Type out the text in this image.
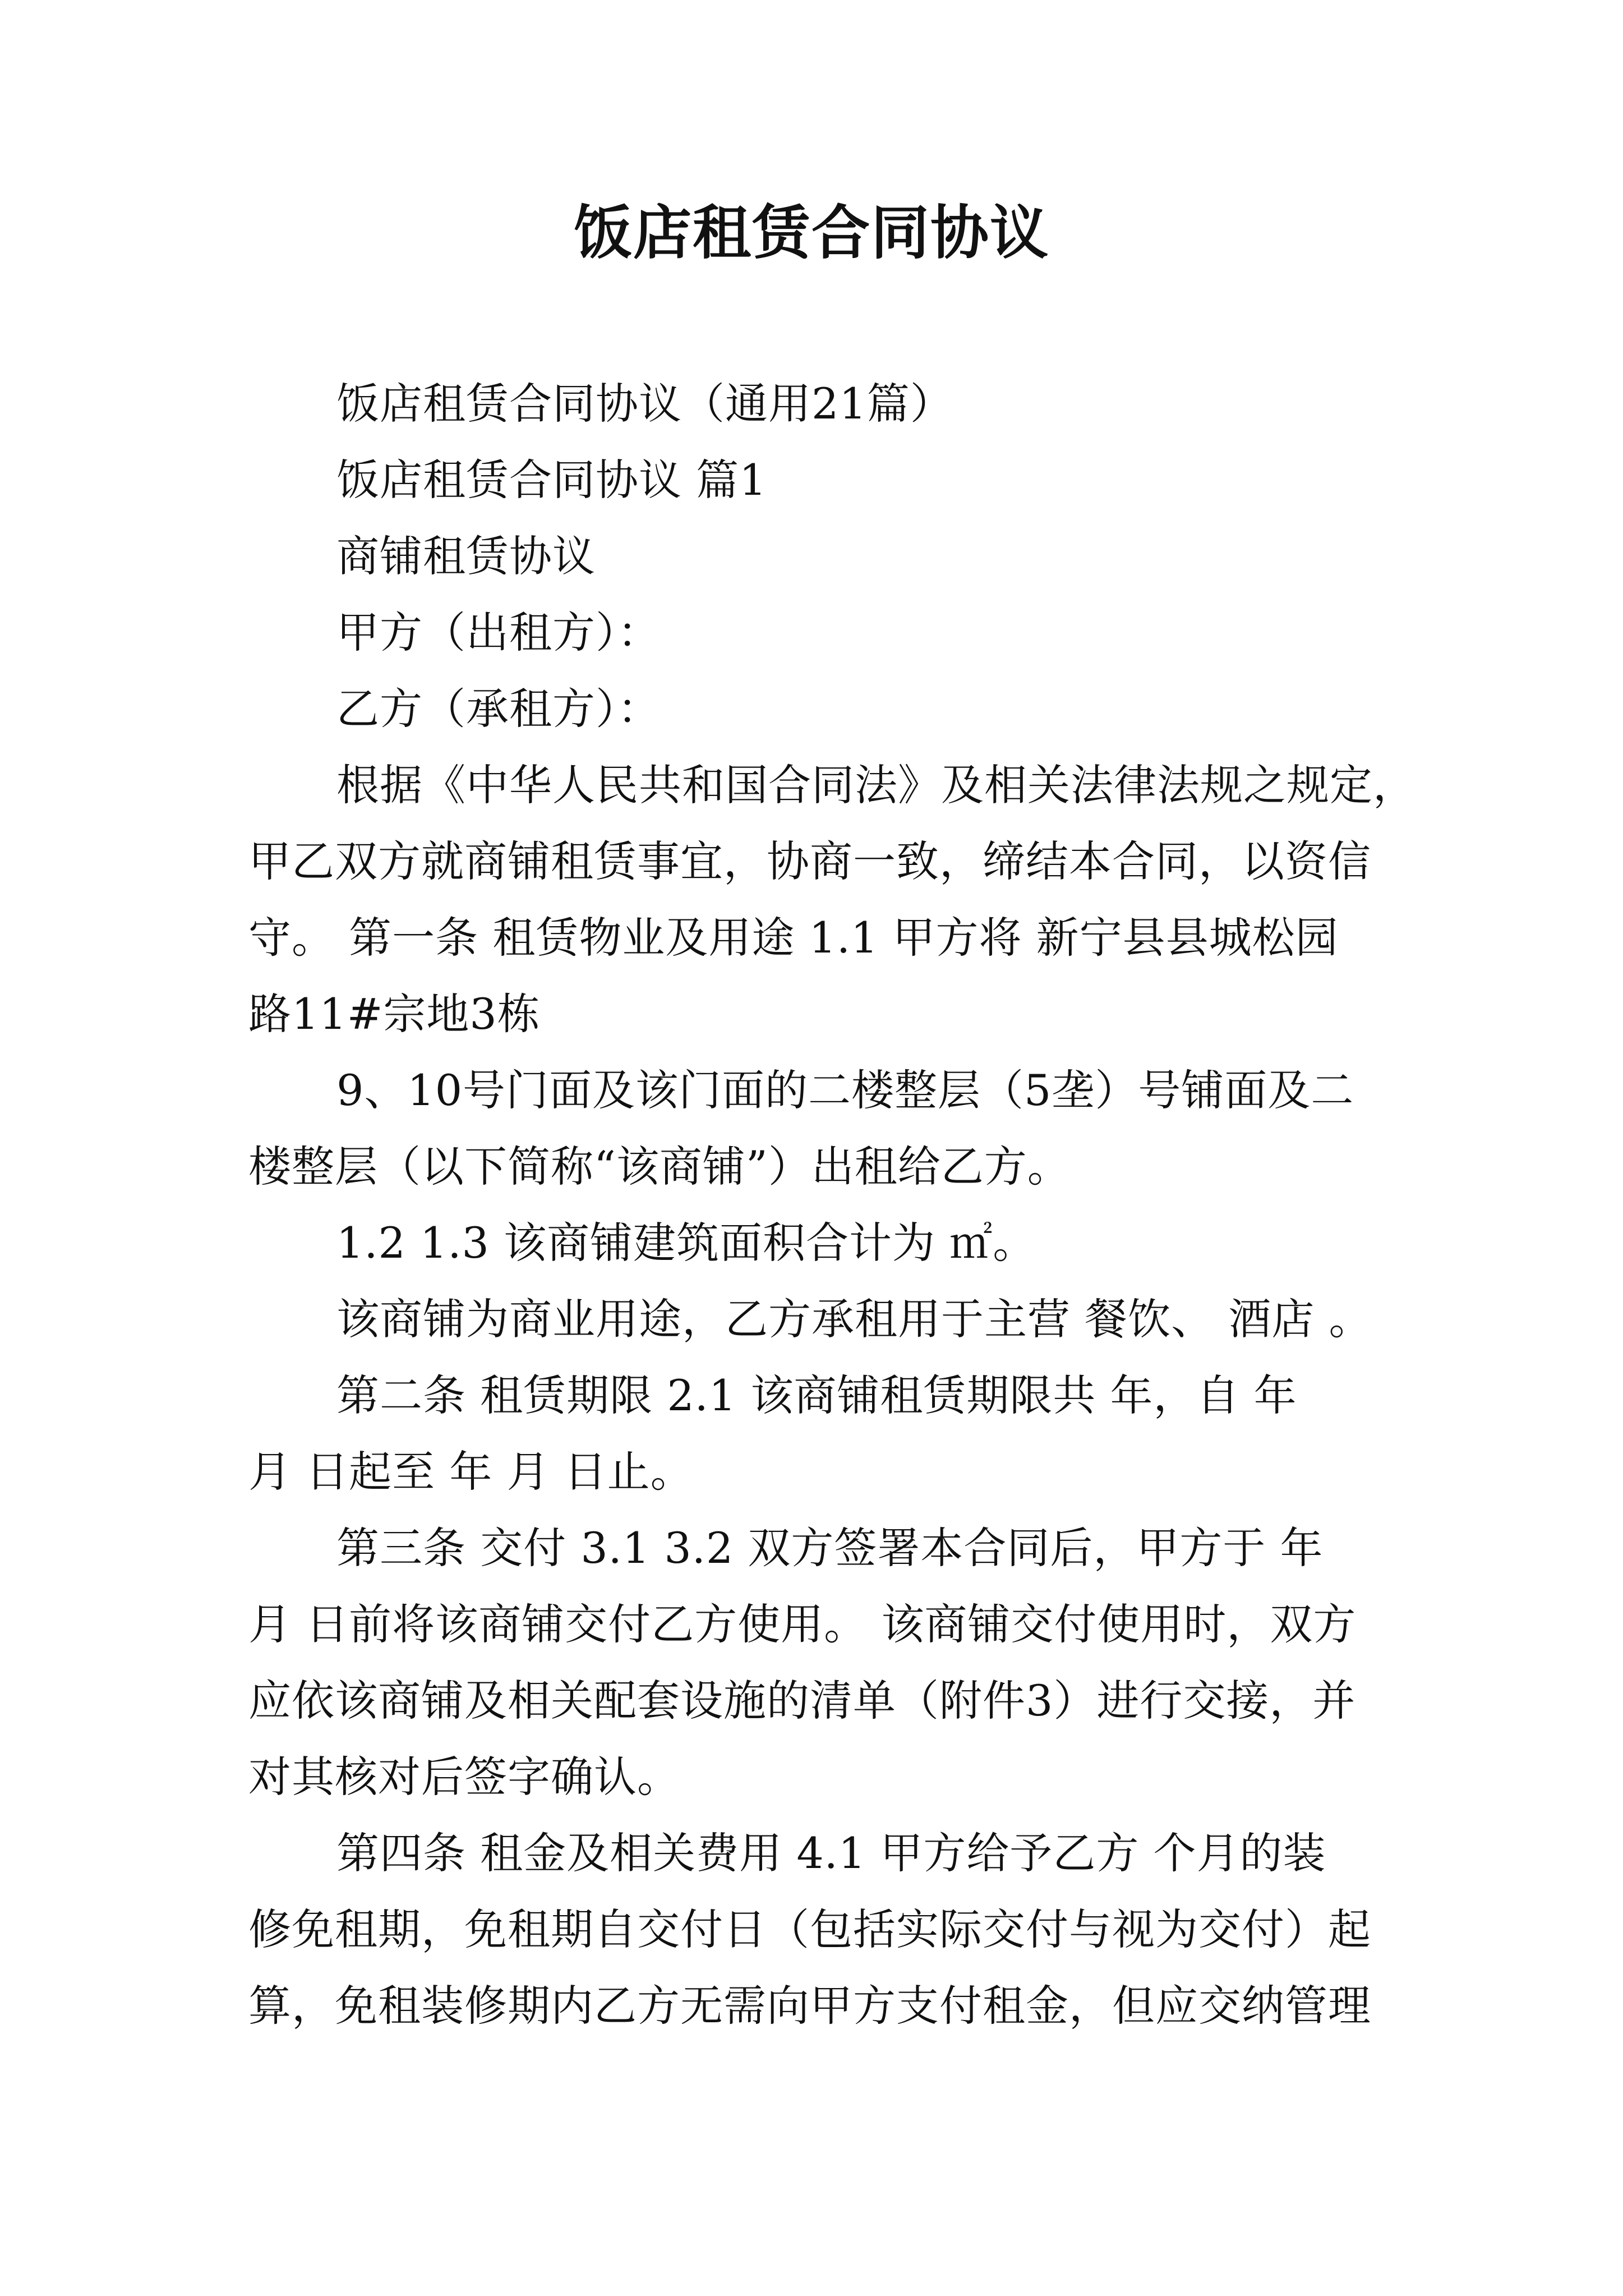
饭店租赁合同协议
饭店租赁合同协议（通用21篇）
饭店租赁合同协议 篇1
商铺租赁协议
甲方（出租方）：
乙方（承租方）：
根据《中华人民共和国合同法》及相关法律法规之规定，
甲乙双方就商铺租赁事宜，协商一致，缔结本合同，以资信
守。 第一条 租赁物业及用途 1.1 甲方将 新宁县县城松园
路11#宗地3栋
9、10号门面及该门面的二楼整层（5垄）号铺面及二
楼整层（以下简称“该商铺”）出租给乙方。
1.2 1.3 该商铺建筑面积合计为 ㎡。
该商铺为商业用途，乙方承租用于主营 餐饮、 酒店 。
第二条 租赁期限 2.1 该商铺租赁期限共 年，自 年
月 日起至 年 月 日止。
第三条 交付 3.1 3.2 双方签署本合同后，甲方于 年
月 日前将该商铺交付乙方使用。 该商铺交付使用时，双方
应依该商铺及相关配套设施的清单（附件3）进行交接，并
对其核对后签字确认。
第四条 租金及相关费用 4.1 甲方给予乙方 个月的装
修免租期，免租期自交付日（包括实际交付与视为交付）起
算，免租装修期内乙方无需向甲方支付租金，但应交纳管理
